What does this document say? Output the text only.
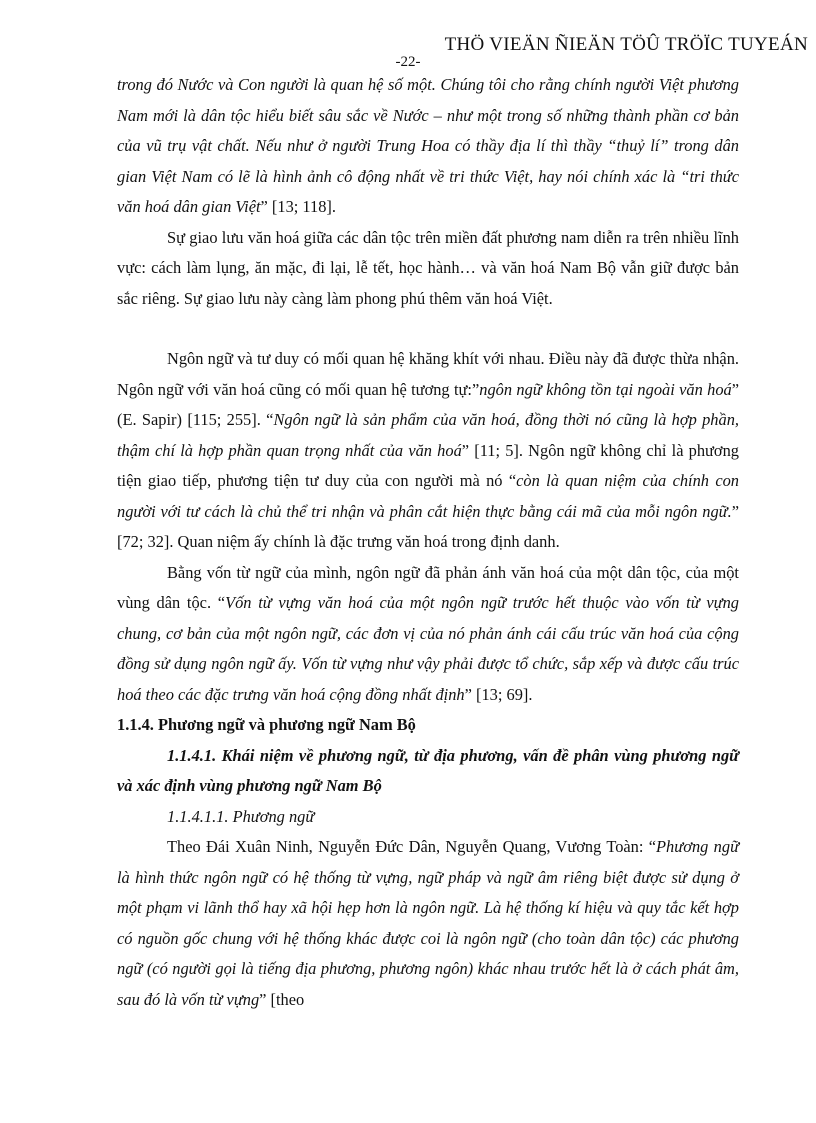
THÖ VIEÄN ÑIEÄN TÖÛ TRÖÏC TUYEÁN
-22-

trong đó Nước và Con người là quan hệ số một. Chúng tôi cho rằng chính người Việt phương Nam mới là dân tộc hiểu biết sâu sắc về Nước – như một trong số những thành phần cơ bản của vũ trụ vật chất. Nếu như ở người Trung Hoa có thầy địa lí thì thầy “thuỷ lí” trong dân gian Việt Nam có lẽ là hình ảnh cô động nhất về tri thức Việt, hay nói chính xác là “tri thức văn hoá dân gian Việt” [13; 118].

Sự giao lưu văn hoá giữa các dân tộc trên miền đất phương nam diễn ra trên nhiều lĩnh vực: cách làm lụng, ăn mặc, đi lại, lễ tết, học hành… và văn hoá Nam Bộ vẫn giữ được bản sắc riêng. Sự giao lưu này càng làm phong phú thêm văn hoá Việt.

Ngôn ngữ và tư duy có mối quan hệ khăng khít với nhau. Điều này đã được thừa nhận. Ngôn ngữ với văn hoá cũng có mối quan hệ tương tự:”ngôn ngữ không tồn tại ngoài văn hoá” (E. Sapir) [115; 255]. “Ngôn ngữ là sản phẩm của văn hoá, đồng thời nó cũng là hợp phần, thậm chí là hợp phần quan trọng nhất của văn hoá” [11; 5]. Ngôn ngữ không chỉ là phương tiện giao tiếp, phương tiện tư duy của con người mà nó “còn là quan niệm của chính con người với tư cách là chủ thể tri nhận và phân cắt hiện thực bằng cái mã của mỗi ngôn ngữ.” [72; 32]. Quan niệm ấy chính là đặc trưng văn hoá trong định danh.

Bằng vốn từ ngữ của mình, ngôn ngữ đã phản ánh văn hoá của một dân tộc, của một vùng dân tộc. “Vốn từ vựng văn hoá của một ngôn ngữ trước hết thuộc vào vốn từ vựng chung, cơ bản của một ngôn ngữ, các đơn vị của nó phản ánh cái cấu trúc văn hoá của cộng đồng sử dụng ngôn ngữ ấy. Vốn từ vựng như vậy phải được tổ chức, sắp xếp và được cấu trúc hoá theo các đặc trưng văn hoá cộng đồng nhất định” [13; 69].

1.1.4. Phương ngữ và phương ngữ Nam Bộ

1.1.4.1. Khái niệm về phương ngữ, từ địa phương, vấn đề phân vùng phương ngữ và xác định vùng phương ngữ Nam Bộ

1.1.4.1.1. Phương ngữ

Theo Đái Xuân Ninh, Nguyễn Đức Dân, Nguyễn Quang, Vương Toàn: “Phương ngữ là hình thức ngôn ngữ có hệ thống từ vựng, ngữ pháp và ngữ âm riêng biệt được sử dụng ở một phạm vi lãnh thổ hay xã hội hẹp hơn là ngôn ngữ. Là hệ thống kí hiệu và quy tắc kết hợp có nguồn gốc chung với hệ thống khác được coi là ngôn ngữ (cho toàn dân tộc) các phương ngữ (có người gọi là tiếng địa phương, phương ngôn) khác nhau trước hết là ở cách phát âm, sau đó là vốn từ vựng” [theo
